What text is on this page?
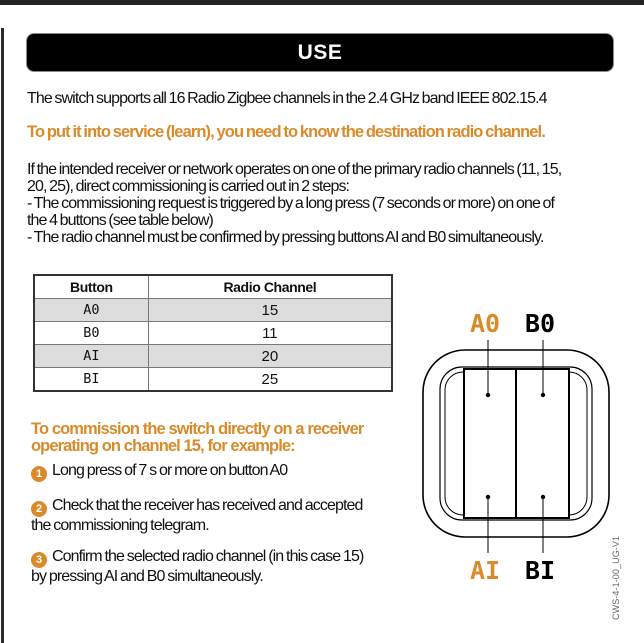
USE
The switch supports all 16 Radio Zigbee channels in the 2.4 GHz band IEEE 802.15.4
To put it into service (learn), you need to know the destination radio channel.
If the intended receiver or network operates on one of the primary radio channels (11, 15,
20, 25), direct commissioning is carried out in 2 steps:
- The commissioning request is triggered by a long press (7 seconds or more) on one of
the 4 buttons (see table below)
- The radio channel must be confirmed by pressing buttons AI and B0 simultaneously.
Button	Radio Channel
A0	15
B0	11
AI	20
BI	25
To commission the switch directly on a receiver
operating on channel 15, for example:
1 Long press of 7 s or more on button A0
2 Check that the receiver has received and accepted
the commissioning telegram.
3 Confirm the selected radio channel (in this case 15)
by pressing AI and B0 simultaneously.
A0 B0
AI BI	CWS-4-1-00_UG-V1
